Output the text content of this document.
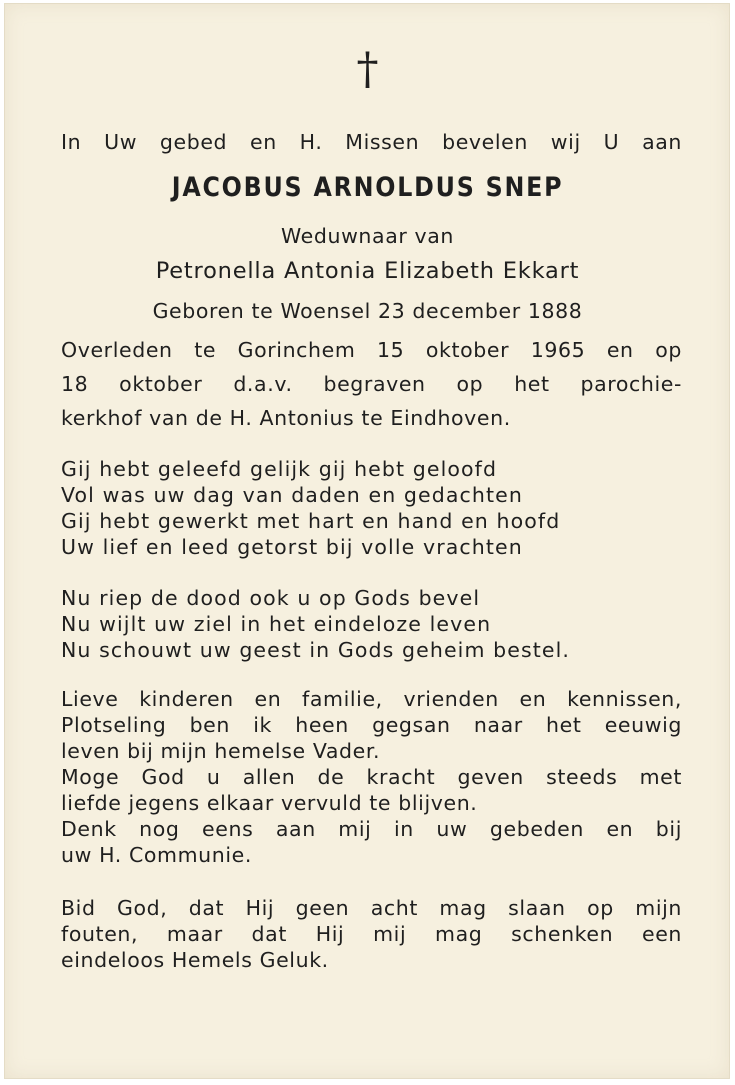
†

In Uw gebed en H. Missen bevelen wij U aan

JACOBUS ARNOLDUS SNEP

Weduwnaar van

Petronella Antonia Elizabeth Ekkart

Geboren te Woensel 23 december 1888

Overleden te Gorinchem 15 oktober 1965 en op

18 oktober d.a.v. begraven op het parochie-

kerkhof van de H. Antonius te Eindhoven.

Gij hebt geleefd gelijk gij hebt geloofd

Vol was uw dag van daden en gedachten

Gij hebt gewerkt met hart en hand en hoofd

Uw lief en leed getorst bij volle vrachten

Nu riep de dood ook u op Gods bevel

Nu wijlt uw ziel in het eindeloze leven

Nu schouwt uw geest in Gods geheim bestel.

Lieve kinderen en familie, vrienden en kennissen,

Plotseling ben ik heen gegsan naar het eeuwig

leven bij mijn hemelse Vader.

Moge God u allen de kracht geven steeds met

liefde jegens elkaar vervuld te blijven.

Denk nog eens aan mij in uw gebeden en bij

uw H. Communie.

Bid God, dat Hij geen acht mag slaan op mijn

fouten, maar dat Hij mij mag schenken een

eindeloos Hemels Geluk.
